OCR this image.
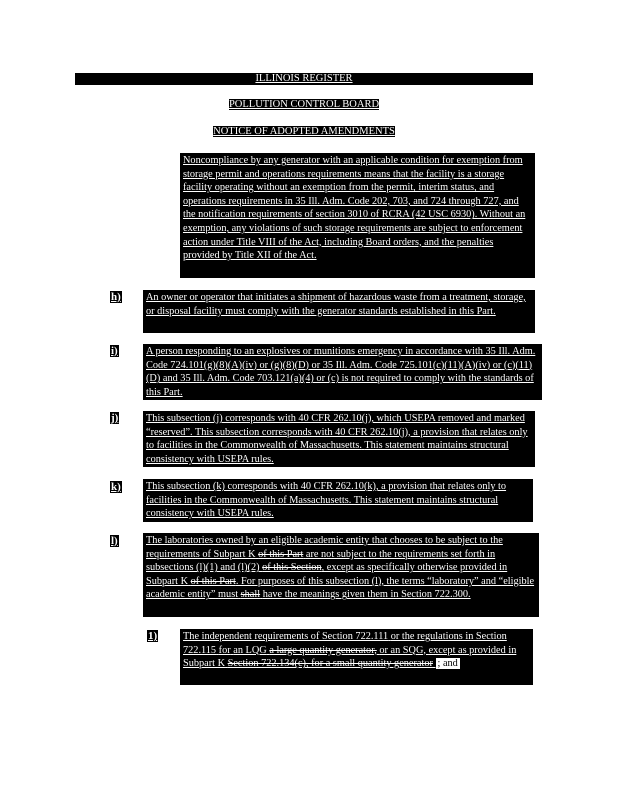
ILLINOIS REGISTER
POLLUTION CONTROL BOARD
NOTICE OF ADOPTED AMENDMENTS

Noncompliance by any generator with an applicable condition for exemption from storage permit and operations requirements means that the facility is a storage facility operating without an exemption from the permit, interim status, and operations requirements in 35 Ill. Adm. Code 202, 703, and 724 through 727, and the notification requirements of section 3010 of RCRA (42 USC 6930). Without an exemption, any violations of such storage requirements are subject to enforcement action under Title VIII of the Act, including Board orders, and the penalties provided by Title XII of the Act.

h) An owner or operator that initiates a shipment of hazardous waste from a treatment, storage, or disposal facility must comply with the generator standards established in this Part.

i)	A person responding to an explosives or munitions emergency in accordance with 35 Ill. Adm. Code 724.101(g)(8)(A)(iv) or (g)(8)(D) or 35 Ill. Adm. Code 725.101(c)(11)(A)(iv) or (c)(11)(D) and 35 Ill. Adm. Code 703.121(a)(4) or (c) is not required to comply with the standards of this Part.

j)	This subsection (j) corresponds with 40 CFR 262.10(j), which USEPA removed and marked “reserved”. This subsection corresponds with 40 CFR 262.10(j), a provision that relates only to facilities in the Commonwealth of Massachusetts. This statement maintains structural consistency with USEPA rules.

k) This subsection (k) corresponds with 40 CFR 262.10(k), a provision that relates only to facilities in the Commonwealth of Massachusetts. This statement maintains structural consistency with USEPA rules.

l)	The laboratories owned by an eligible academic entity that chooses to be subject to the requirements of Subpart K of this Part are not subject to the requirements set forth in subsections (l)(1) and (l)(2) of this Section, except as specifically otherwise provided in Subpart K of this Part. For purposes of this subsection (l), the terms “laboratory” and “eligible academic entity” must shall have the meanings given them in Section 722.300.

1)	The independent requirements of Section 722.111 or the regulations in Section 722.115 for an LQG a large quantity generator, or an SQG, except as provided in Subpart K Section 722.134(c), for a small quantity generator ; and
